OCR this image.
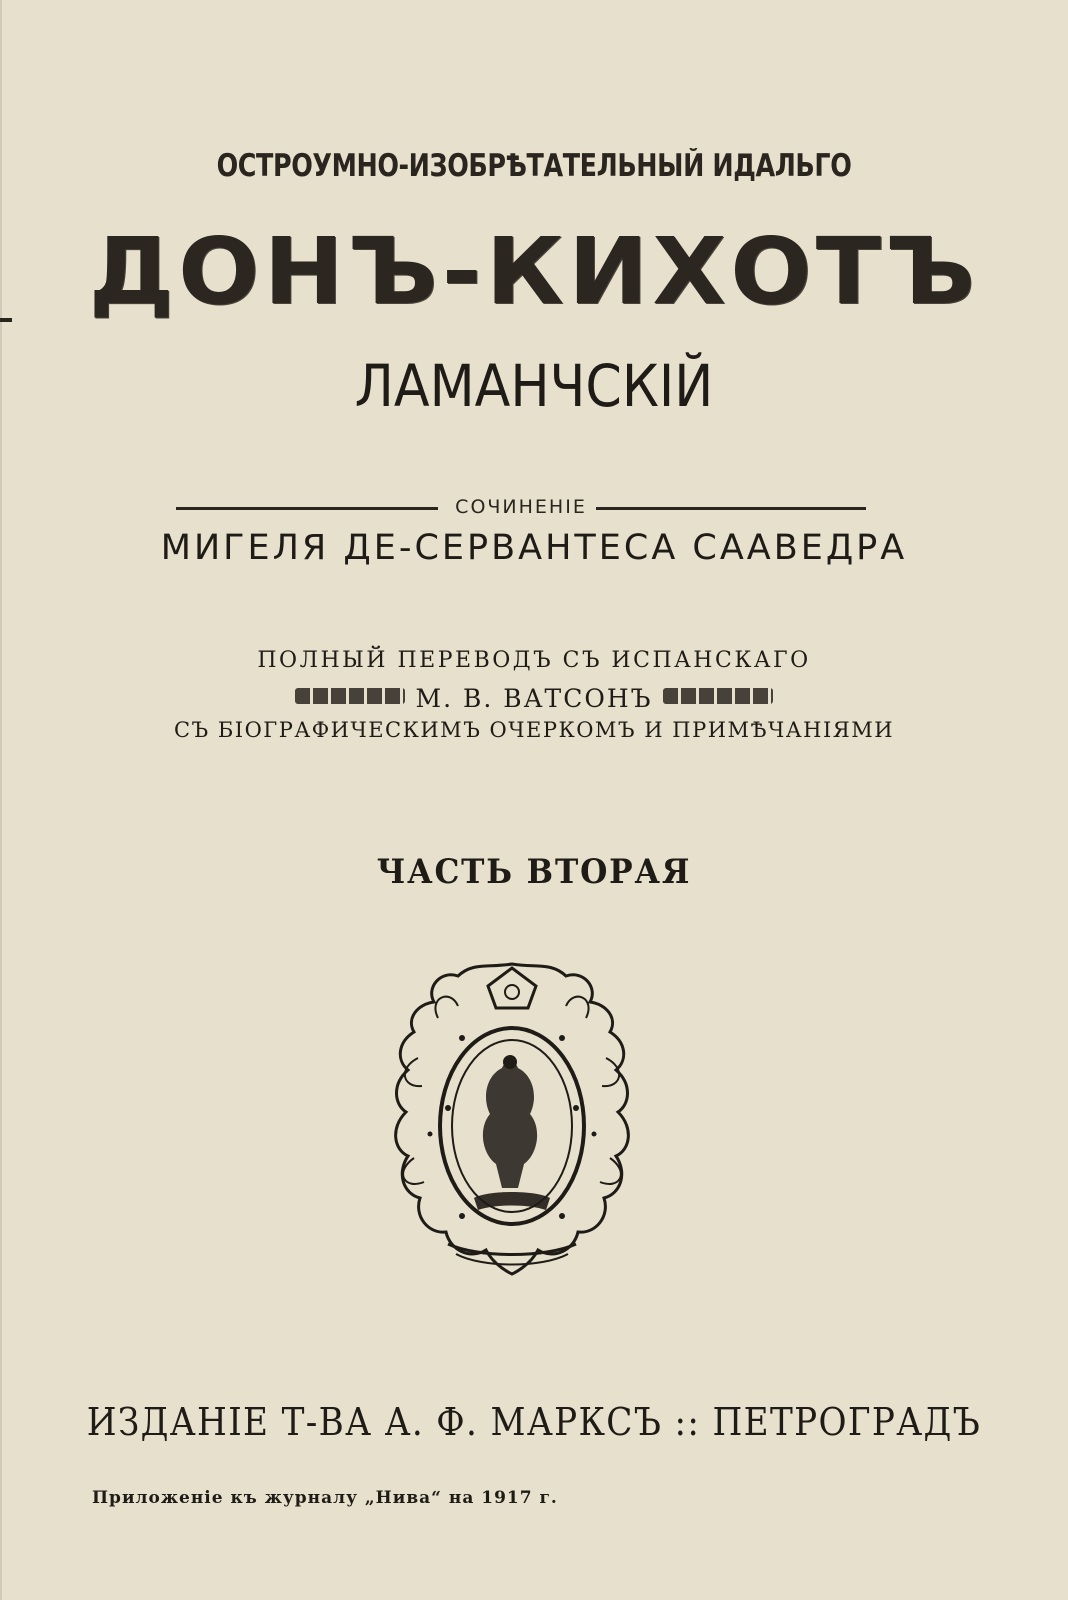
ОСТРОУМНО-ИЗОБРѢТАТЕЛЬНЫЙ ИДАЛЬГО
ДОНЪ-КИХОТЪ
ЛАМАНЧСКІЙ
СОЧИНЕНІЕ
МИГЕЛЯ ДЕ-СЕРВАНТЕСА СААВЕДРА
ПОЛНЫЙ ПЕРЕВОДЪ СЪ ИСПАНСКАГО
М. В. ВАТСОНЪ
СЪ БІОГРАФИЧЕСКИМЪ ОЧЕРКОМЪ И ПРИМѢЧАНІЯМИ
ЧАСТЬ ВТОРАЯ
ИЗДАНІЕ Т-ВА А. Ф. МАРКСЪ :: ПЕТРОГРАДЪ
Приложеніе къ журналу „Нива“ на 1917 г.
